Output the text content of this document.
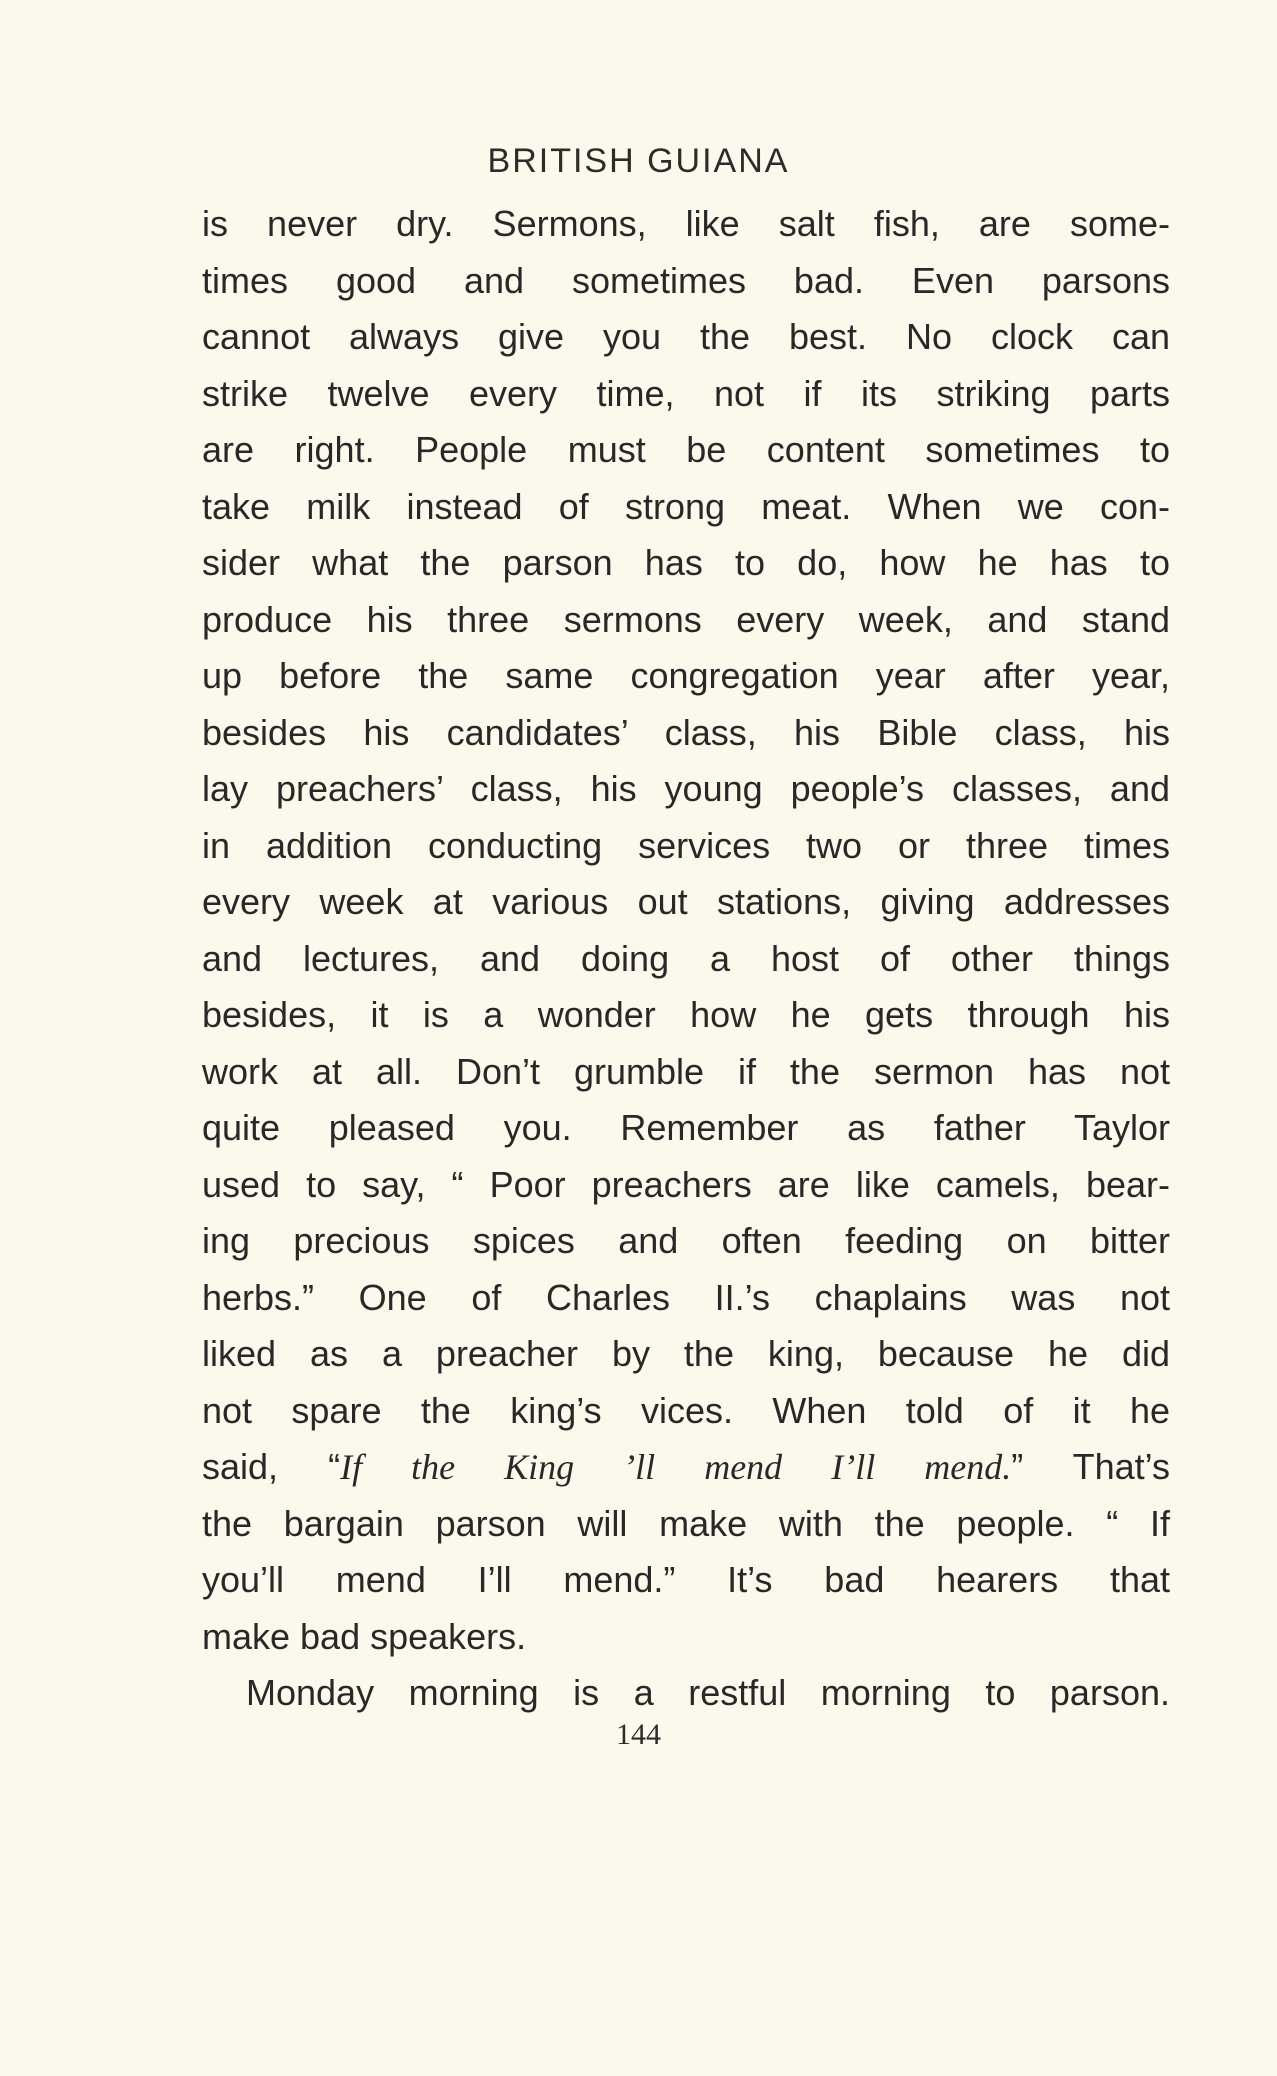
BRITISH GUIANA
is never dry. Sermons, like salt fish, are some-
times good and sometimes bad. Even parsons
cannot always give you the best. No clock can
strike twelve every time, not if its striking parts
are right. People must be content sometimes to
take milk instead of strong meat. When we con-
sider what the parson has to do, how he has to
produce his three sermons every week, and stand
up before the same congregation year after year,
besides his candidates’ class, his Bible class, his
lay preachers’ class, his young people’s classes, and
in addition conducting services two or three times
every week at various out stations, giving addresses
and lectures, and doing a host of other things
besides, it is a wonder how he gets through his
work at all. Don’t grumble if the sermon has not
quite pleased you. Remember as father Taylor
used to say, “ Poor preachers are like camels, bear-
ing precious spices and often feeding on bitter
herbs.” One of Charles II.’s chaplains was not
liked as a preacher by the king, because he did
not spare the king’s vices. When told of it he
said, “If the King ’ll mend I’ll mend.” That’s
the bargain parson will make with the people. “ If
you’ll mend I’ll mend.” It’s bad hearers that
make bad speakers.
Monday morning is a restful morning to parson.
144
